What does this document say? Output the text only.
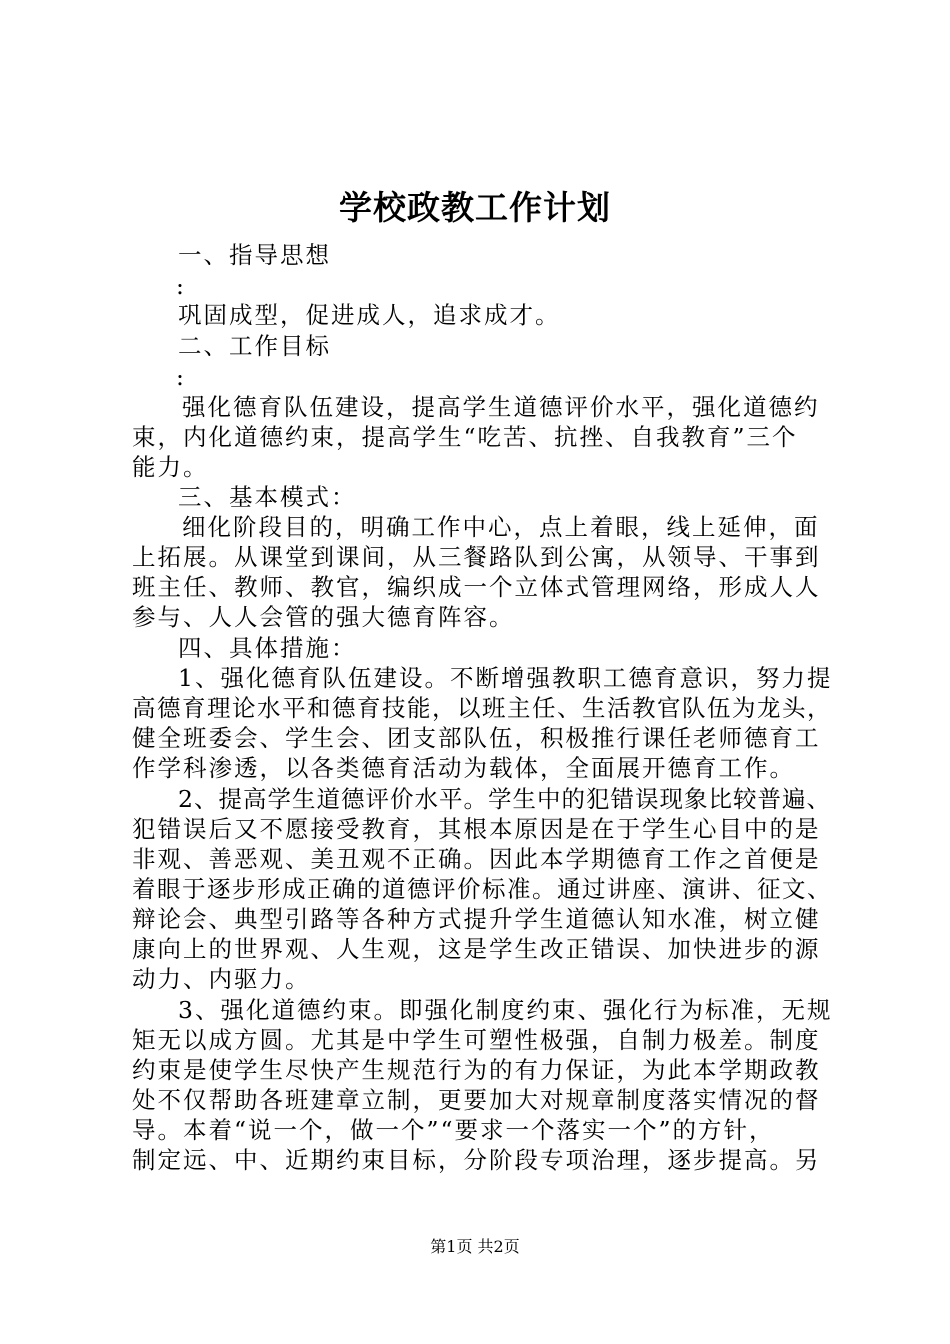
学校政教工作计划
一、指导思想
:
巩固成型，促进成人，追求成才。
二、工作目标
:
强化德育队伍建设，提高学生道德评价水平，强化道德约
束，内化道德约束，提高学生“吃苦、抗挫、自我教育”三个
能力。
三、基本模式：
细化阶段目的，明确工作中心，点上着眼，线上延伸，面
上拓展。从课堂到课间，从三餐路队到公寓，从领导、干事到
班主任、教师、教官，编织成一个立体式管理网络，形成人人
参与、人人会管的强大德育阵容。
四、具体措施：
1、强化德育队伍建设。不断增强教职工德育意识，努力提
高德育理论水平和德育技能，以班主任、生活教官队伍为龙头，
健全班委会、学生会、团支部队伍，积极推行课任老师德育工
作学科渗透，以各类德育活动为载体，全面展开德育工作。
2、提高学生道德评价水平。学生中的犯错误现象比较普遍、
犯错误后又不愿接受教育，其根本原因是在于学生心目中的是
非观、善恶观、美丑观不正确。因此本学期德育工作之首便是
着眼于逐步形成正确的道德评价标准。通过讲座、演讲、征文、
辩论会、典型引路等各种方式提升学生道德认知水准，树立健
康向上的世界观、人生观，这是学生改正错误、加快进步的源
动力、内驱力。
3、强化道德约束。即强化制度约束、强化行为标准，无规
矩无以成方圆。尤其是中学生可塑性极强，自制力极差。制度
约束是使学生尽快产生规范行为的有力保证，为此本学期政教
处不仅帮助各班建章立制，更要加大对规章制度落实情况的督
导。本着“说一个，做一个”“要求一个落实一个”的方针，
制定远、中、近期约束目标，分阶段专项治理，逐步提高。另
第1页 共2页
